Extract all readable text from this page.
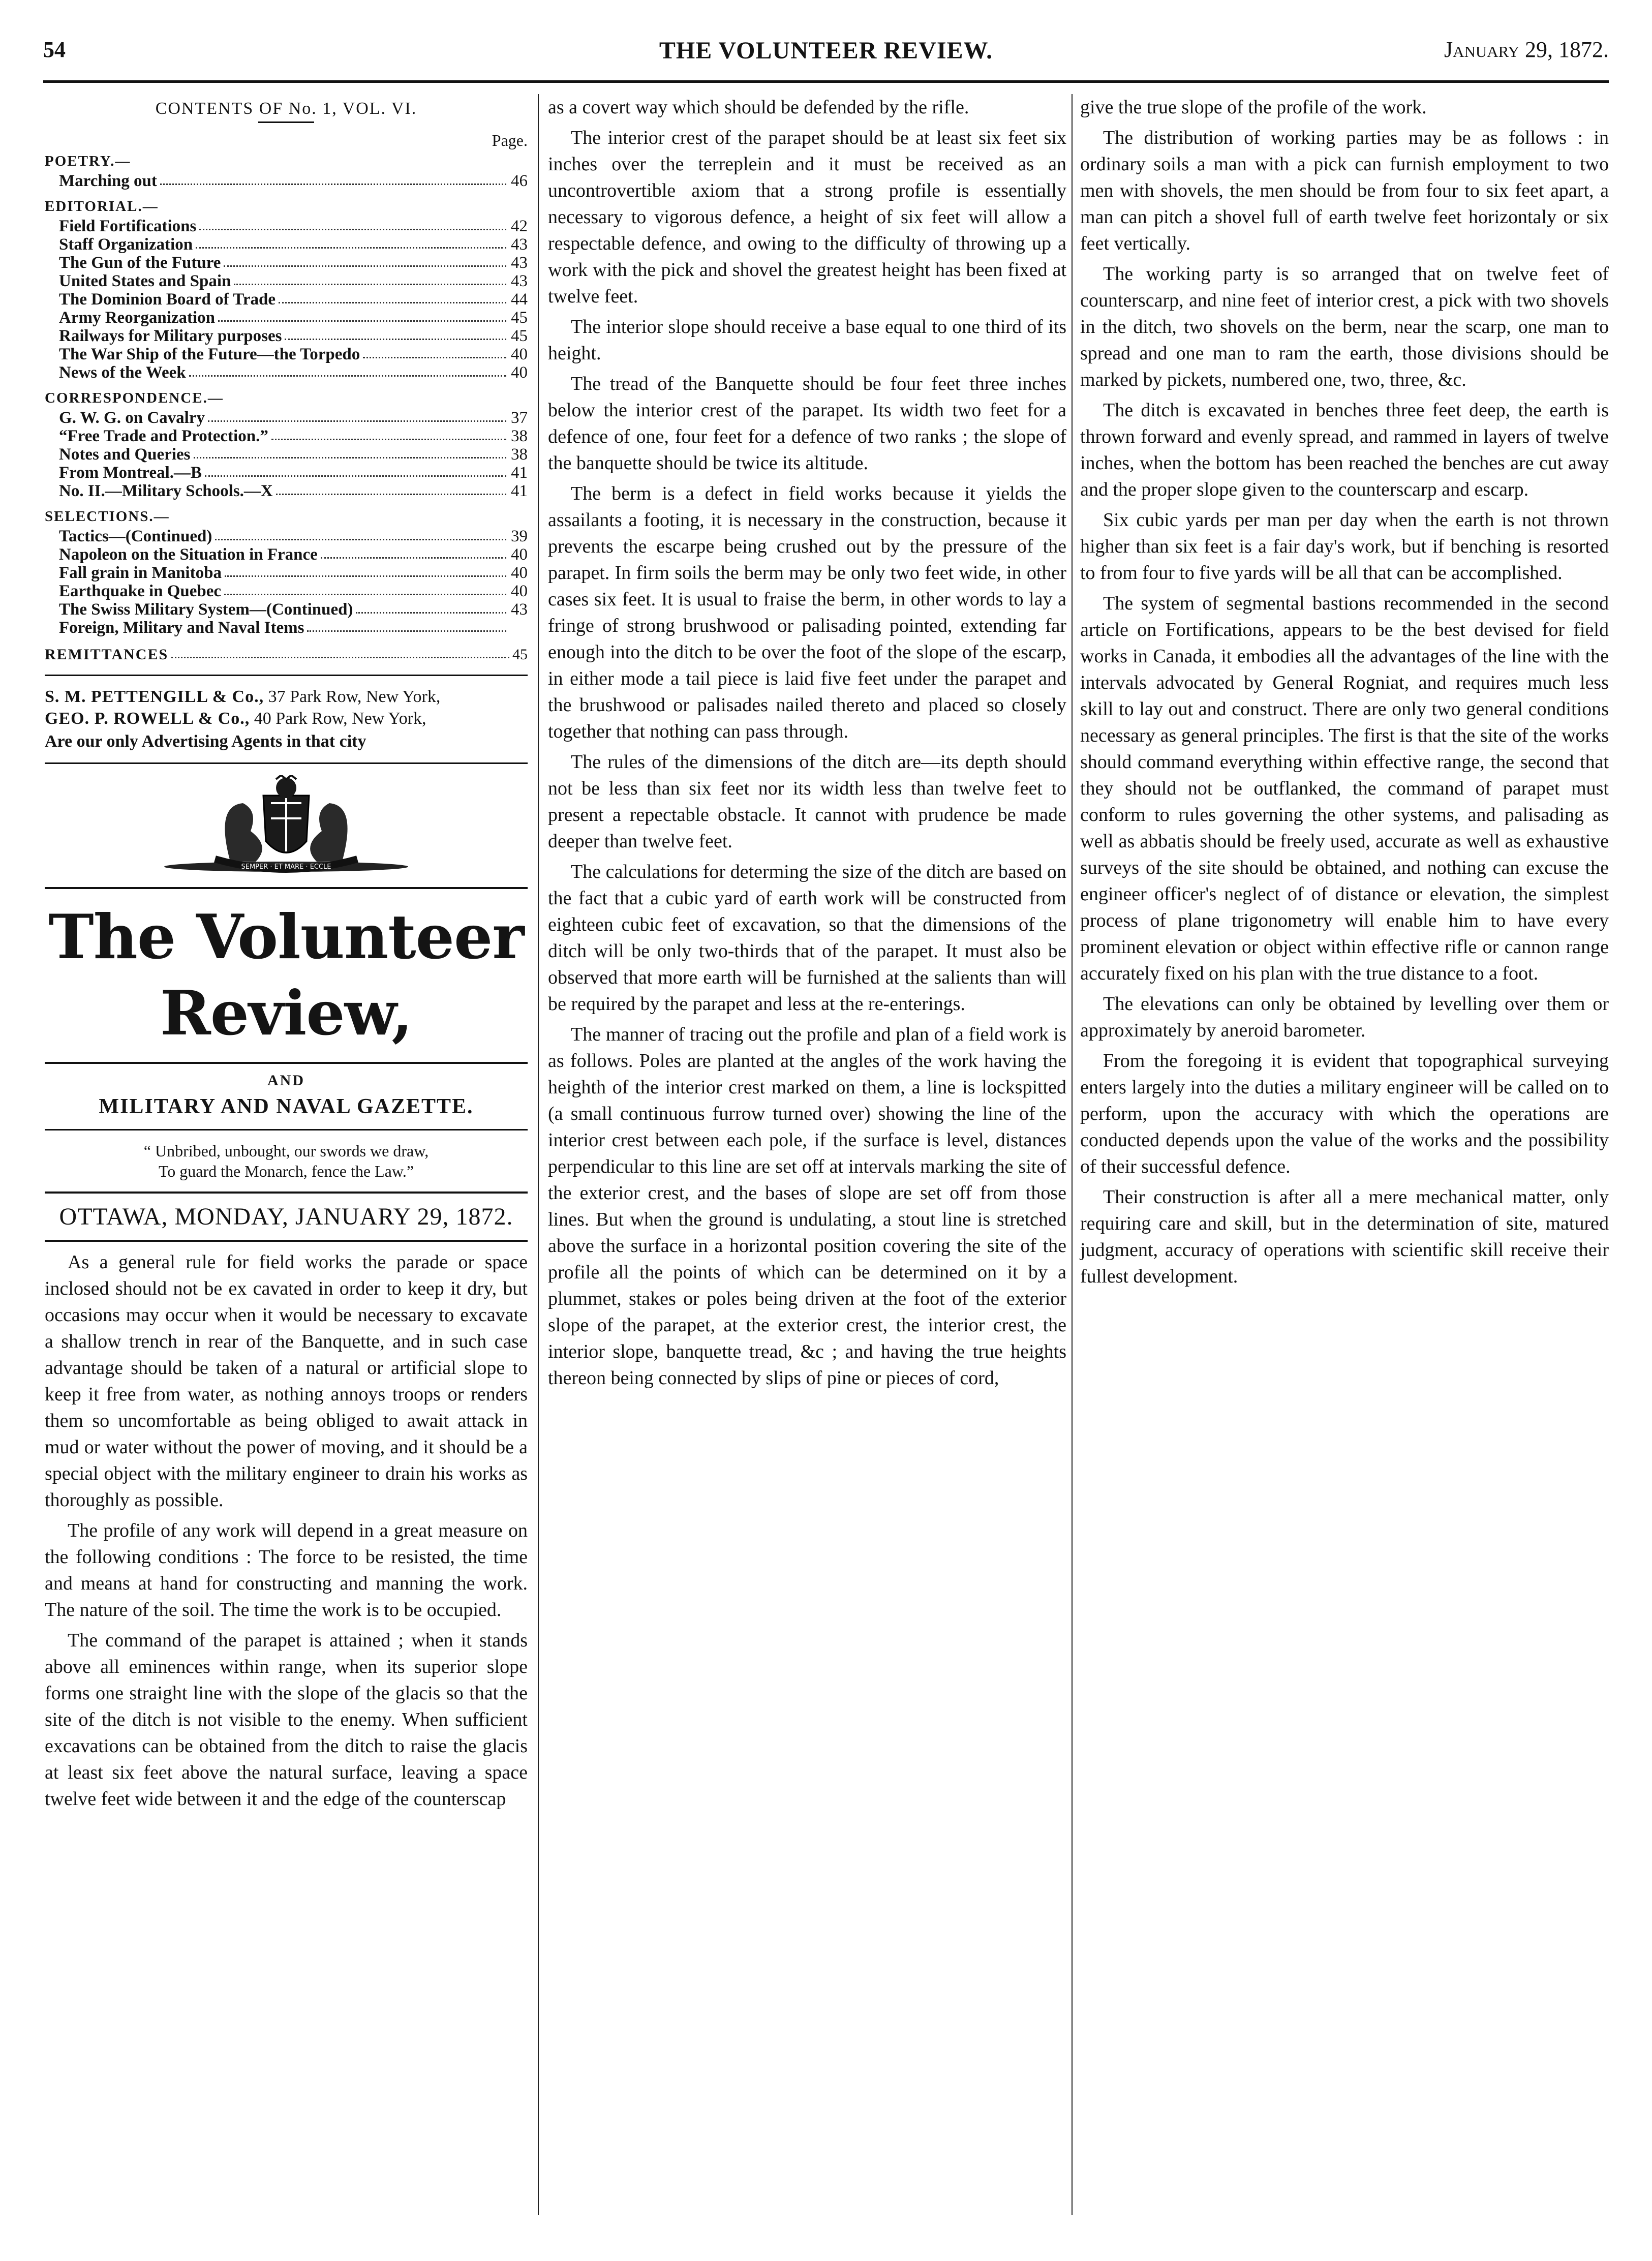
54	THE VOLUNTEER REVIEW.	January 29, 1872.
CONTENTS OF No. 1, VOL. VI.
Page.
POETRY.—
Marching out	46
EDITORIAL.—
Field Fortifications	42
Staff Organization	43
The Gun of the Future	43
United States and Spain	43
The Dominion Board of Trade	44
Army Reorganization	45
Railways for Military purposes	45
The War Ship of the Future—the Torpedo	40
News of the Week	40
CORRESPONDENCE.—
G. W. G. on Cavalry	37
“Free Trade and Protection.”	38
Notes and Queries	38
From Montreal.—B	41
No. II.—Military Schools.—X	41
SELECTIONS.—
Tactics—(Continued)	39
Napoleon on the Situation in France	40
Fall grain in Manitoba	40
Earthquake in Quebec	40
The Swiss Military System—(Continued)	43
Foreign, Military and Naval Items
REMITTANCES	45
S. M. PETTENGILL & Co., 37 Park Row, New York,
GEO. P. ROWELL & Co., 40 Park Row, New York,
Are our only Advertising Agents in that city
SEMPER · ET MARE · ECCLE
The Volunteer Review,
AND
MILITARY AND NAVAL GAZETTE.
“ Unbribed, unbought, our swords we draw,
To guard the Monarch, fence the Law.”
OTTAWA, MONDAY, JANUARY 29, 1872.

As a general rule for field works the parade or space inclosed should not be ex cavated in order to keep it dry, but occasions may occur when it would be necessary to excavate a shallow trench in rear of the Banquette, and in such case advantage should be taken of a natural or artificial slope to keep it free from water, as nothing annoys troops or renders them so uncomfortable as being obliged to await attack in mud or water without the power of moving, and it should be a special object with the military engineer to drain his works as thoroughly as possible.

The profile of any work will depend in a great measure on the following conditions : The force to be resisted, the time and means at hand for constructing and manning the work. The nature of the soil. The time the work is to be occupied.

The command of the parapet is attained ; when it stands above all eminences within range, when its superior slope forms one straight line with the slope of the glacis so that the site of the ditch is not visible to the enemy. When sufficient excavations can be obtained from the ditch to raise the glacis at least six feet above the natural surface, leaving a space twelve feet wide between it and the edge of the counterscap

as a covert way which should be defended by the rifle.

The interior crest of the parapet should be at least six feet six inches over the terreplein and it must be received as an uncontrovertible axiom that a strong profile is essentially necessary to vigorous defence, a height of six feet will allow a respectable defence, and owing to the difficulty of throwing up a work with the pick and shovel the greatest height has been fixed at twelve feet.

The interior slope should receive a base equal to one third of its height.

The tread of the Banquette should be four feet three inches below the interior crest of the parapet. Its width two feet for a defence of one, four feet for a defence of two ranks ; the slope of the banquette should be twice its altitude.

The berm is a defect in field works because it yields the assailants a footing, it is necessary in the construction, because it prevents the escarpe being crushed out by the pressure of the parapet. In firm soils the berm may be only two feet wide, in other cases six feet. It is usual to fraise the berm, in other words to lay a fringe of strong brushwood or palisading pointed, extending far enough into the ditch to be over the foot of the slope of the escarp, in either mode a tail piece is laid five feet under the parapet and the brushwood or palisades nailed thereto and placed so closely together that nothing can pass through.

The rules of the dimensions of the ditch are—its depth should not be less than six feet nor its width less than twelve feet to present a repectable obstacle. It cannot with prudence be made deeper than twelve feet.

The calculations for determing the size of the ditch are based on the fact that a cubic yard of earth work will be constructed from eighteen cubic feet of excavation, so that the dimensions of the ditch will be only two-thirds that of the parapet. It must also be observed that more earth will be furnished at the salients than will be required by the parapet and less at the re-enterings.

The manner of tracing out the profile and plan of a field work is as follows. Poles are planted at the angles of the work having the heighth of the interior crest marked on them, a line is lockspitted (a small continuous furrow turned over) showing the line of the interior crest between each pole, if the surface is level, distances perpendicular to this line are set off at intervals marking the site of the exterior crest, and the bases of slope are set off from those lines. But when the ground is undulating, a stout line is stretched above the surface in a horizontal position covering the site of the profile all the points of which can be determined on it by a plummet, stakes or poles being driven at the foot of the exterior slope of the parapet, at the exterior crest, the interior crest, the interior slope, banquette tread, &c ; and having the true heights thereon being connected by slips of pine or pieces of cord,

give the true slope of the profile of the work.

The distribution of working parties may be as follows : in ordinary soils a man with a pick can furnish employment to two men with shovels, the men should be from four to six feet apart, a man can pitch a shovel full of earth twelve feet horizontaly or six feet vertically.

The working party is so arranged that on twelve feet of counterscarp, and nine feet of interior crest, a pick with two shovels in the ditch, two shovels on the berm, near the scarp, one man to spread and one man to ram the earth, those divisions should be marked by pickets, numbered one, two, three, &c.

The ditch is excavated in benches three feet deep, the earth is thrown forward and evenly spread, and rammed in layers of twelve inches, when the bottom has been reached the benches are cut away and the proper slope given to the counterscarp and escarp.

Six cubic yards per man per day when the earth is not thrown higher than six feet is a fair day's work, but if benching is resorted to from four to five yards will be all that can be accomplished.

The system of segmental bastions recommended in the second article on Fortifications, appears to be the best devised for field works in Canada, it embodies all the advantages of the line with the intervals advocated by General Rogniat, and requires much less skill to lay out and construct. There are only two general conditions necessary as general principles. The first is that the site of the works should command everything within effective range, the second that they should not be outflanked, the command of parapet must conform to rules governing the other systems, and palisading as well as abbatis should be freely used, accurate as well as exhaustive surveys of the site should be obtained, and nothing can excuse the engineer officer's neglect of of distance or elevation, the simplest process of plane trigonometry will enable him to have every prominent elevation or object within effective rifle or cannon range accurately fixed on his plan with the true distance to a foot.

The elevations can only be obtained by levelling over them or approximately by aneroid barometer.

From the foregoing it is evident that topographical surveying enters largely into the duties a military engineer will be called on to perform, upon the accuracy with which the operations are conducted depends upon the value of the works and the possibility of their successful defence.

Their construction is after all a mere mechanical matter, only requiring care and skill, but in the determination of site, matured judgment, accuracy of operations with scientific skill receive their fullest development.
